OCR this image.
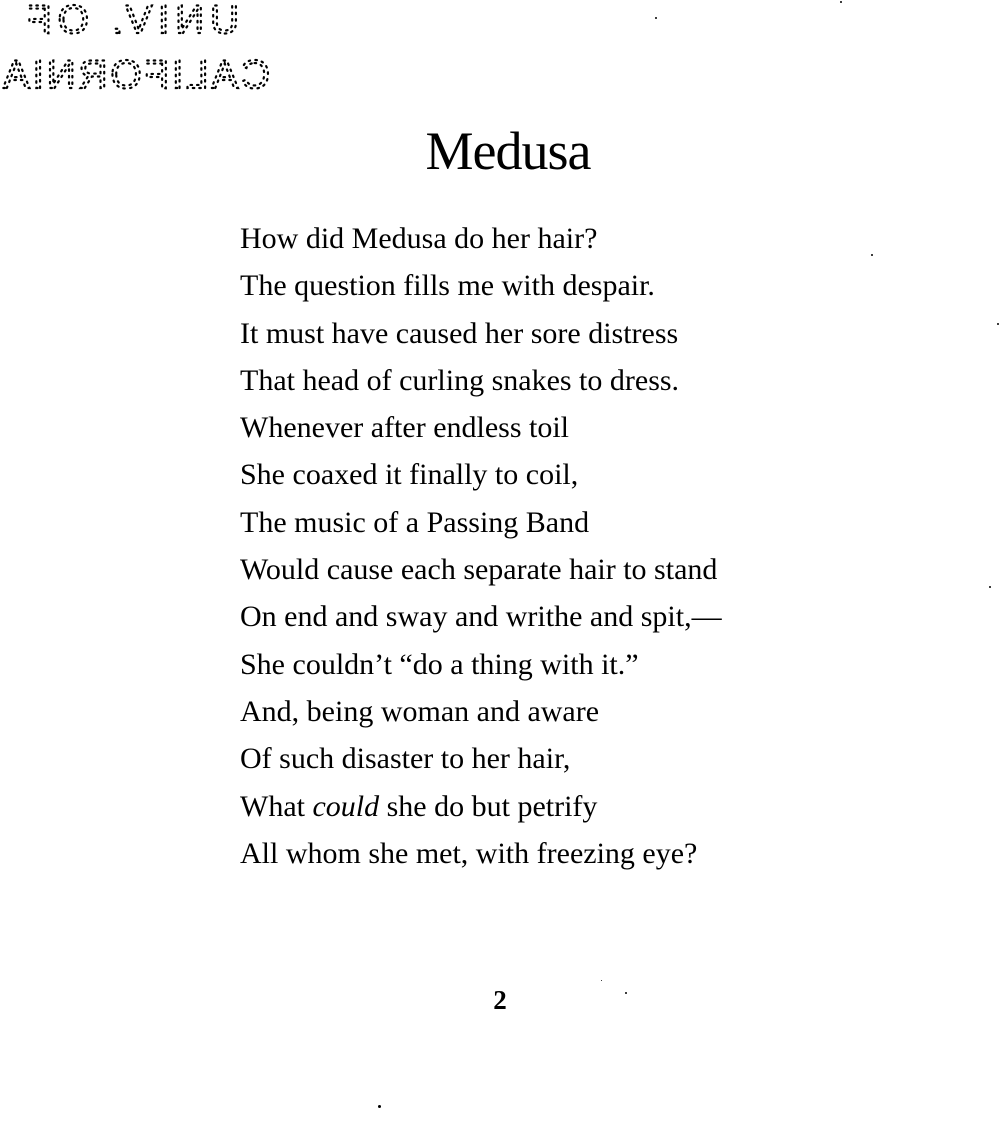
UNIV. OF
CALIFORNIA
Medusa
How did Medusa do her hair?
The question fills me with despair.
It must have caused her sore distress
That head of curling snakes to dress.
Whenever after endless toil
She coaxed it finally to coil,
The music of a Passing Band
Would cause each separate hair to stand
On end and sway and writhe and spit,—
She couldn’t “do a thing with it.”
And, being woman and aware
Of such disaster to her hair,
What could she do but petrify
All whom she met, with freezing eye?
2
